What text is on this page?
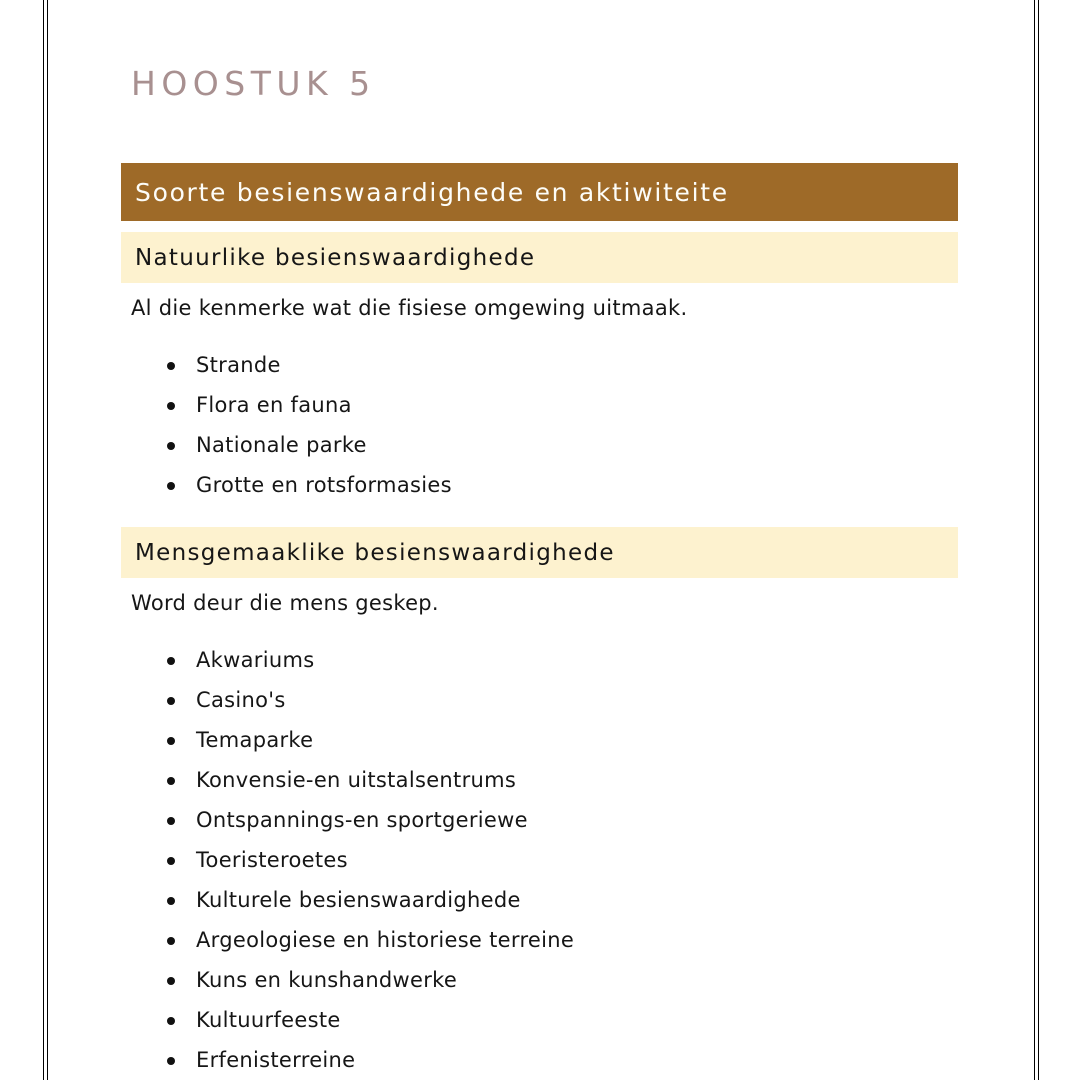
HOOSTUK 5
Soorte besienswaardighede en aktiwiteite
Natuurlike besienswaardighede
Al die kenmerke wat die fisiese omgewing uitmaak.
Strande
Flora en fauna
Nationale parke
Grotte en rotsformasies
Mensgemaaklike besienswaardighede
Word deur die mens geskep.
Akwariums
Casino's
Temaparke
Konvensie-en uitstalsentrums
Ontspannings-en sportgeriewe
Toeristeroetes
Kulturele besienswaardighede
Argeologiese en historiese terreine
Kuns en kunshandwerke
Kultuurfeeste
Erfenisterreine
